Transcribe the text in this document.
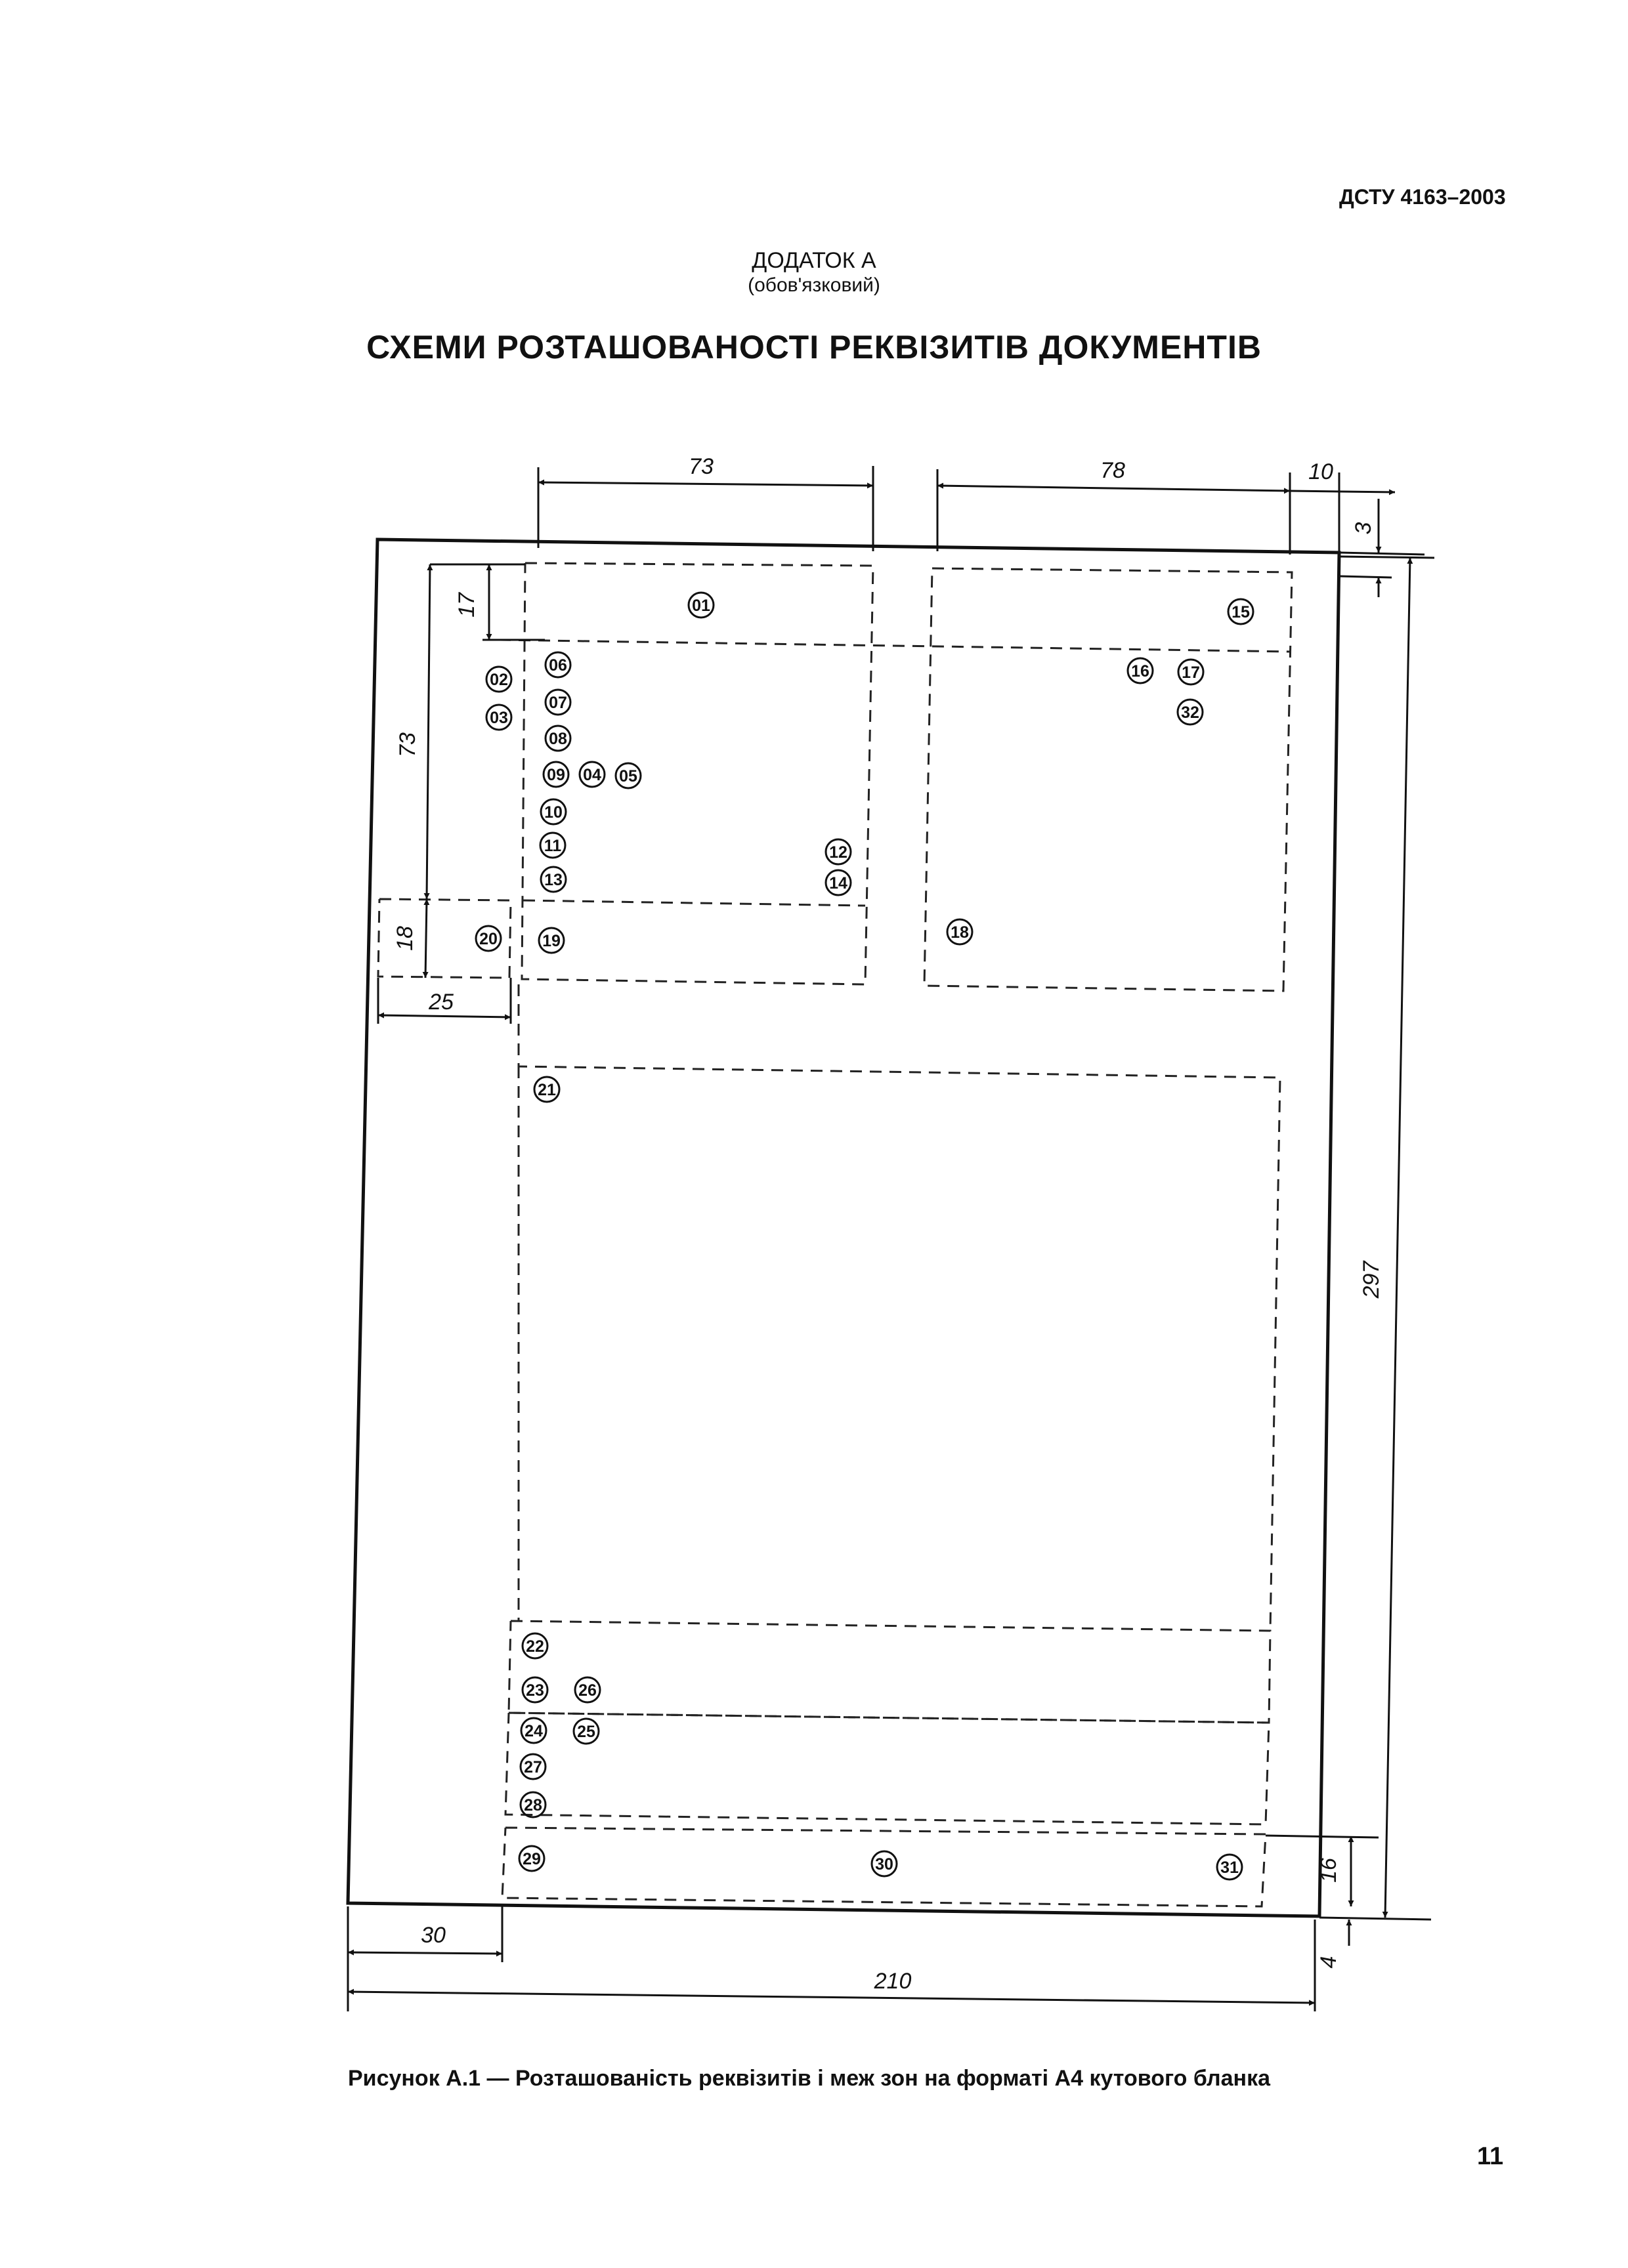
ДСТУ 4163–2003
ДОДАТОК А
(обов'язковий)
СХЕМИ РОЗТАШОВАНОСТІ РЕКВІЗИТІВ ДОКУМЕНТІВ
73	78	10
3
17
73
18
25
297
16
4
30
210
01
02
03
04 05
06
07
08
09
10
11	12
13	14
15
16 17
18
19
20
21
22
23
24 25
26
27
28
29	30	31
32
Рисунок А.1 — Розташованість реквізитів і меж зон на форматі А4 кутового бланка
11
